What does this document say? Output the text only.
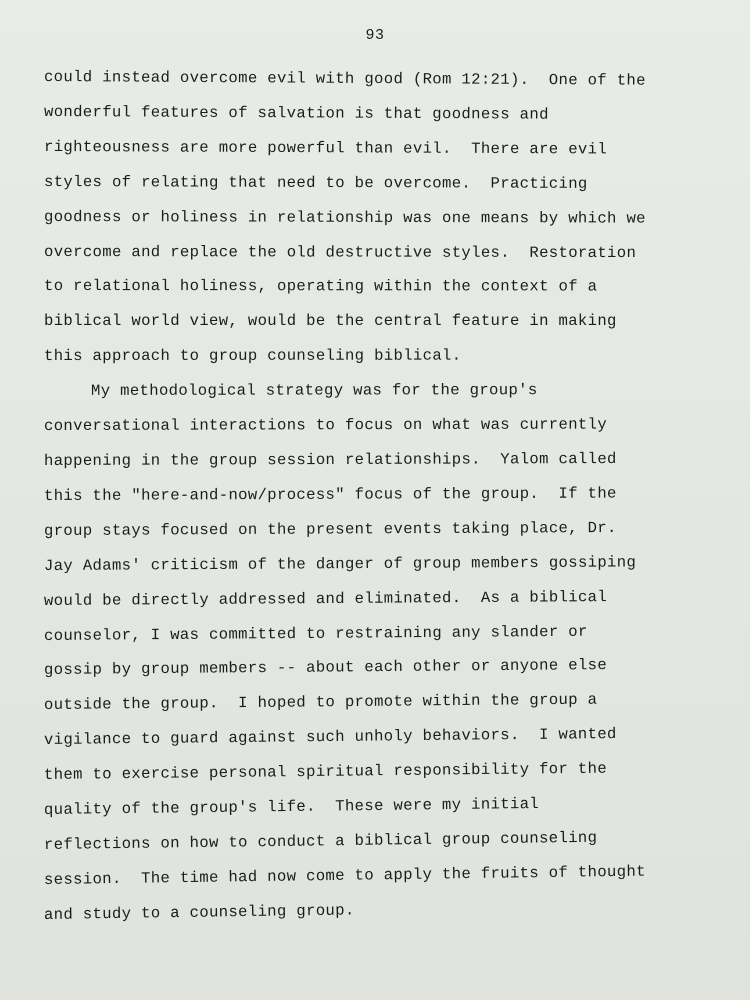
93
could instead overcome evil with good (Rom 12:21).  One of the
wonderful features of salvation is that goodness and
righteousness are more powerful than evil.  There are evil
styles of relating that need to be overcome.  Practicing
goodness or holiness in relationship was one means by which we
overcome and replace the old destructive styles.  Restoration
to relational holiness, operating within the context of a
biblical world view, would be the central feature in making
this approach to group counseling biblical.
My methodological strategy was for the group's
conversational interactions to focus on what was currently
happening in the group session relationships.  Yalom called
this the "here-and-now/process" focus of the group.  If the
group stays focused on the present events taking place, Dr.
Jay Adams' criticism of the danger of group members gossiping
would be directly addressed and eliminated.  As a biblical
counselor, I was committed to restraining any slander or
gossip by group members -- about each other or anyone else
outside the group.  I hoped to promote within the group a
vigilance to guard against such unholy behaviors.  I wanted
them to exercise personal spiritual responsibility for the
quality of the group's life.  These were my initial
reflections on how to conduct a biblical group counseling
session.  The time had now come to apply the fruits of thought
and study to a counseling group.
